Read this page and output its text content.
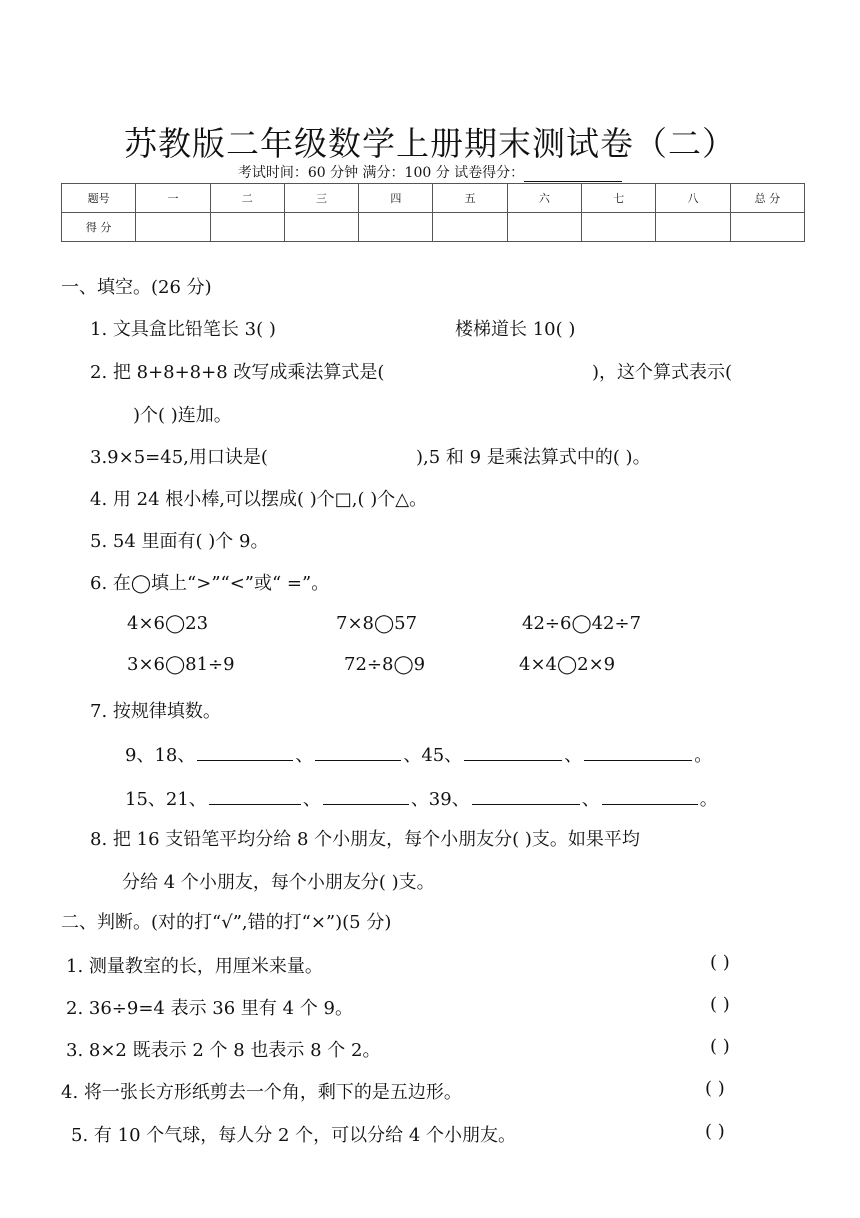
苏教版二年级数学上册期末测试卷（二）
考试时间：60 分钟 满分：100 分 试卷得分：
题号	一	二	三	四	五	六	七	八	总 分
得 分									
一、填空。(26 分)
1. 文具盒比铅笔长 3( )	楼梯道长 10( )
2. 把 8+8+8+8 改写成乘法算式是(	)，这个算式表示(
)个( )连加。
3.9×5=45,用口诀是(	),5 和 9 是乘法算式中的( )。
4. 用 24 根小棒,可以摆成( )个□,( )个△。
5. 54 里面有( )个 9。
6. 在◯填上“>”“<”或“ =”。
4×6◯23	7×8◯57	42÷6◯42÷7
3×6◯81÷9	72÷8◯9	4×4◯2×9
7. 按规律填数。
9、18、	、	、45、	、	。
15、21、	、	、39、	、	。
8. 把 16 支铅笔平均分给 8 个小朋友，每个小朋友分( )支。如果平均
分给 4 个小朋友，每个小朋友分( )支。
二、判断。(对的打“√”,错的打“×”)(5 分)
1. 测量教室的长，用厘米来量。	( )
2. 36÷9=4 表示 36 里有 4 个 9。	( )
3. 8×2 既表示 2 个 8 也表示 8 个 2。	( )
4. 将一张长方形纸剪去一个角，剩下的是五边形。	( )
5. 有 10 个气球，每人分 2 个，可以分给 4 个小朋友。	( )
